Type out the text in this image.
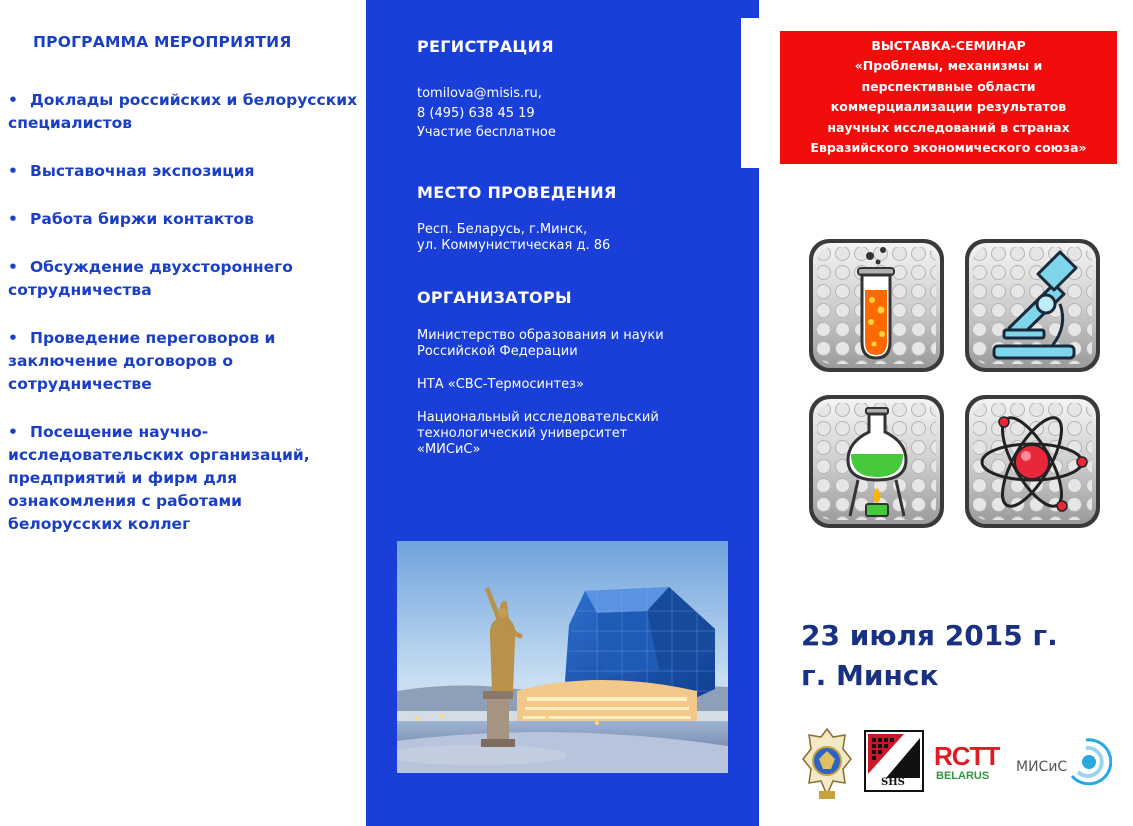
ПРОГРАММА МЕРОПРИЯТИЯ
• Доклады российских и белорусских специалистов
• Выставочная экспозиция
• Работа биржи контактов
• Обсуждение двухстороннего сотрудничества
• Проведение переговоров и заключение договоров о сотрудничестве
• Посещение научно-исследовательских организаций, предприятий и фирм для ознакомления с работами белорусских коллег
РЕГИСТРАЦИЯ
tomilova@misis.ru,
8 (495) 638 45 19
Участие бесплатное
МЕСТО ПРОВЕДЕНИЯ
Респ. Беларусь, г.Минск,
ул. Коммунистическая д. 86
ОРГАНИЗАТОРЫ
Министерство образования и науки
Российской Федерации
НТА «СВС-Термосинтез»
Национальный исследовательский
технологический университет
«МИСиС»
ВЫСТАВКА-СЕМИНАР
«Проблемы, механизмы и
перспективные области
коммерциализации результатов
научных исследований в странах
Евразийского экономического союза»
23 июля 2015 г.
г. Минск
SHS
RCTT
BELARUS
МИСиС
